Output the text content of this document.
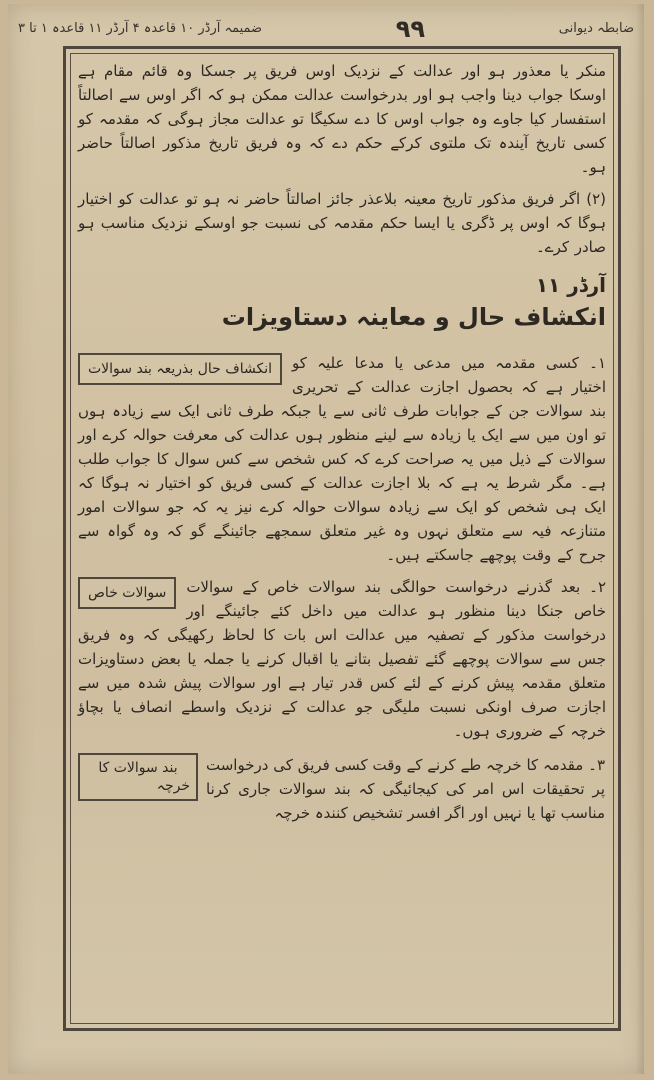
ضابطہ دیوانی
۹۹
ضمیمہ آرڈر ۱۰ قاعدہ ۴ آرڈر ۱۱ قاعدہ ۱ تا ۳

منکر یا معذور ہو اور عدالت کے نزدیک اوس فریق پر جسکا وہ قائم مقام ہے اوسکا جواب دینا واجب ہو اور بدرخواست عدالت ممکن ہو کہ اگر اوس سے اصالتاً استفسار کیا جاوے وہ جواب اوس کا دے سکیگا تو عدالت مجاز ہوگی کہ مقدمہ کو کسی تاریخ آیندہ تک ملتوی کرکے حکم دے کہ وہ فریق تاریخ مذکور اصالتاً حاضر ہو۔

(۲) اگر فریق مذکور تاریخ معینہ بلاعذر جائز اصالتاً حاضر نہ ہو تو عدالت کو اختیار ہوگا کہ اوس پر ڈگری یا ایسا حکم مقدمہ کی نسبت جو اوسکے نزدیک مناسب ہو صادر کرے۔

آرڈر ۱۱
انکشاف حال و معاینہ دستاویزات
انکشاف حال بذریعہ بند سوالات	۱۔ کسی مقدمہ میں مدعی یا مدعا علیہ کو اختیار ہے کہ بحصول اجازت عدالت کے تحریری بند سوالات جن کے جوابات طرف ثانی سے یا جبکہ طرف ثانی ایک سے زیادہ ہوں تو اون میں سے ایک یا زیادہ سے لینے منظور ہوں عدالت کی معرفت حوالہ کرے اور سوالات کے ذیل میں یہ صراحت کرے کہ کس شخص سے کس سوال کا جواب طلب ہے۔ مگر شرط یہ ہے کہ بلا اجازت عدالت کے کسی فریق کو اختیار نہ ہوگا کہ ایک ہی شخص کو ایک سے زیادہ سوالات حوالہ کرے نیز یہ کہ جو سوالات امور متنازعہ فیہ سے متعلق نہوں وہ غیر متعلق سمجھے جائینگے گو کہ وہ گواہ سے جرح کے وقت پوچھے جاسکتے ہیں۔

سوالات خاص	۲۔ بعد گذرنے درخواست حوالگی بند سوالات خاص کے سوالات خاص جنکا دینا منظور ہو عدالت میں داخل کئے جائینگے اور درخواست مذکور کے تصفیہ میں عدالت اس بات کا لحاظ رکھیگی کہ وہ فریق جس سے سوالات پوچھے گئے تفصیل بتانے یا اقبال کرنے یا جملہ یا بعض دستاویزات متعلق مقدمہ پیش کرنے کے لئے کس قدر تیار ہے اور سوالات پیش شدہ میں سے اجازت صرف اونکی نسبت ملیگی جو عدالت کے نزدیک واسطے انصاف یا بچاؤ خرچہ کے ضروری ہوں۔

۳۔ مقدمہ کا خرچہ طے کرنے کے وقت کسی فریق کی درخواست پر تحقیقات اس امر کی کیجائیگی کہ بند سوالات جاری کرنا مناسب تھا یا نہیں اور اگر افسر تشخیص کنندہ خرچہ
بند سوالات کا خرچہ
